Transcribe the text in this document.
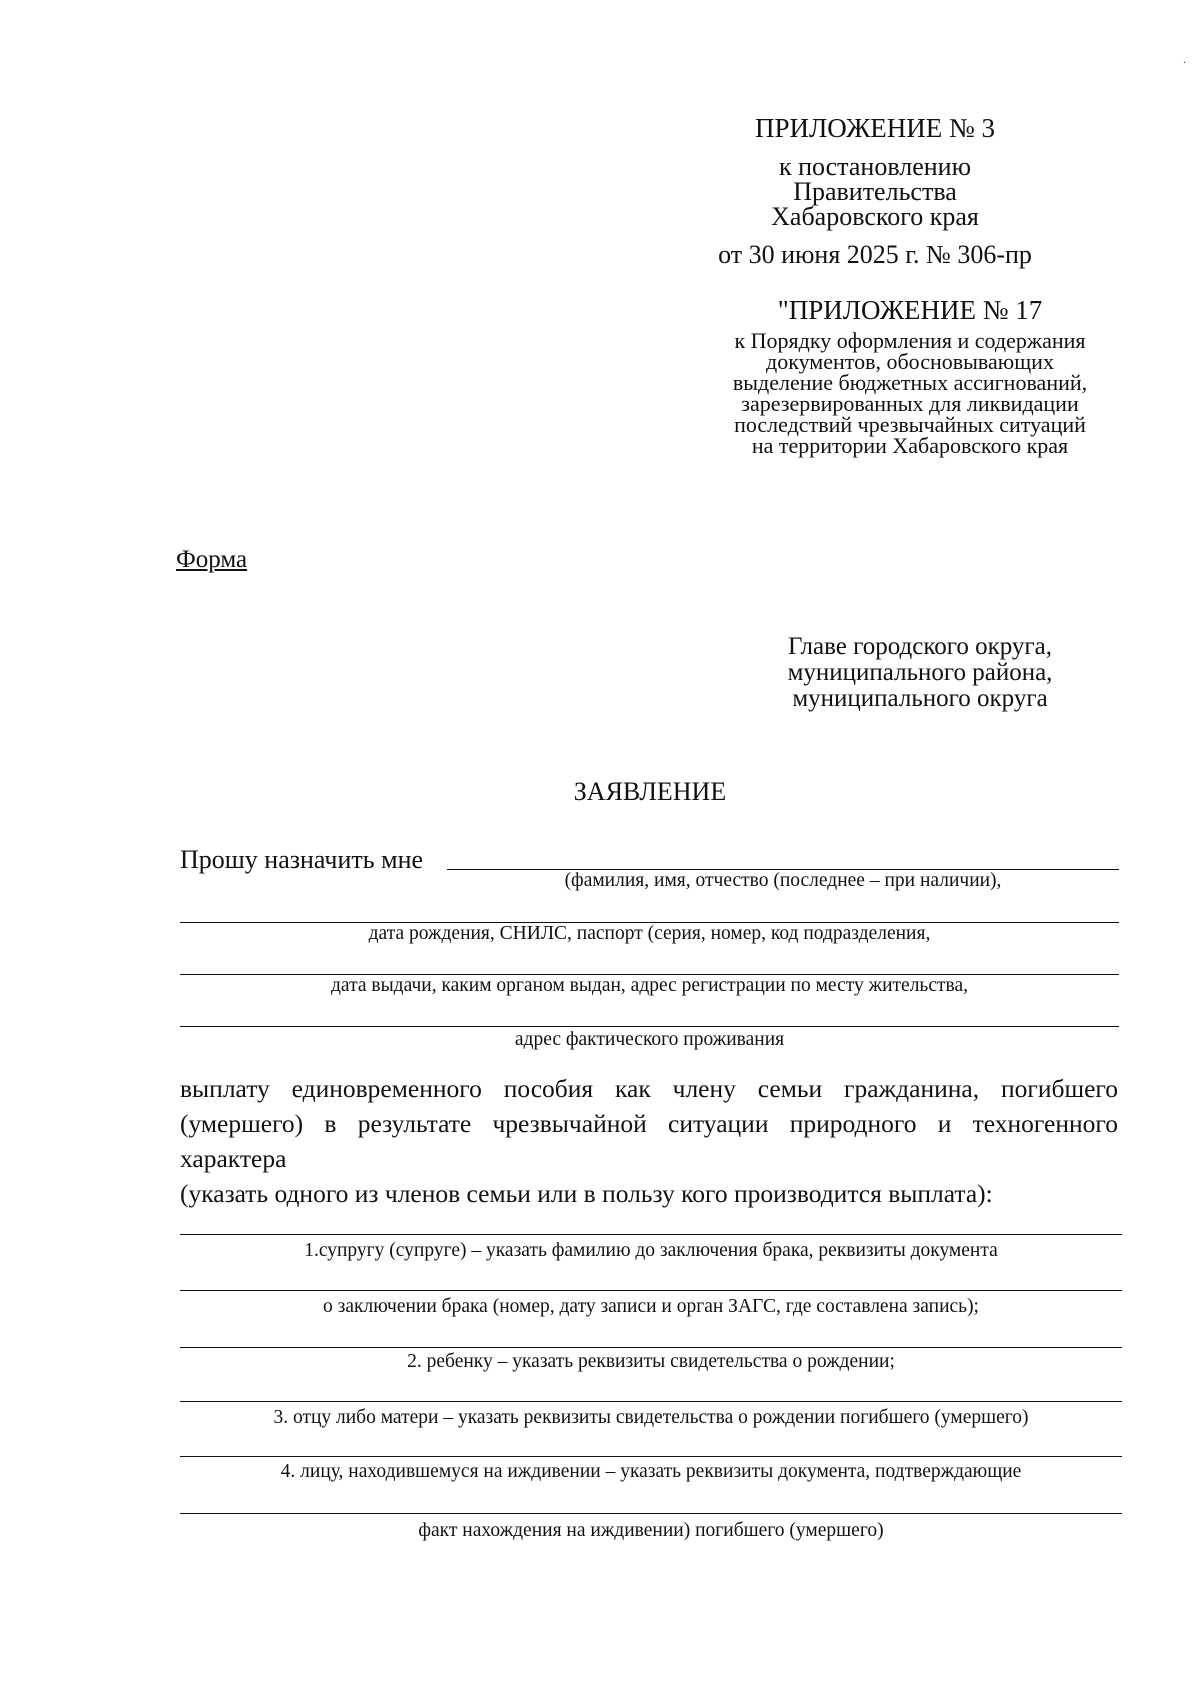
.
ПРИЛОЖЕНИЕ № 3
к постановлению
Правительства
Хабаровского края
от 30 июня 2025 г. № 306-пр
"ПРИЛОЖЕНИЕ № 17
к Порядку оформления и содержания
документов, обосновывающих
выделение бюджетных ассигнований,
зарезервированных для ликвидации
последствий чрезвычайных ситуаций
на территории Хабаровского края
Форма
Главе городского округа,
муниципального района,
муниципального округа
ЗАЯВЛЕНИЕ
Прошу назначить мне
(фамилия, имя, отчество (последнее – при наличии),
дата рождения, СНИЛС, паспорт (серия, номер, код подразделения,
дата выдачи, каким органом выдан, адрес регистрации по месту жительства,
адрес фактического проживания
выплату единовременного пособия как члену семьи гражданина, погибшего
(умершего) в результате чрезвычайной ситуации природного и техногенного
характера
(указать одного из членов семьи или в пользу кого производится выплата):
1.супругу (супруге) – указать фамилию до заключения брака, реквизиты документа
о заключении брака (номер, дату записи и орган ЗАГС, где составлена запись);
2. ребенку – указать реквизиты свидетельства о рождении;
3. отцу либо матери – указать реквизиты свидетельства о рождении погибшего (умершего)
4. лицу, находившемуся на иждивении – указать реквизиты документа, подтверждающие
факт нахождения на иждивении) погибшего (умершего)
